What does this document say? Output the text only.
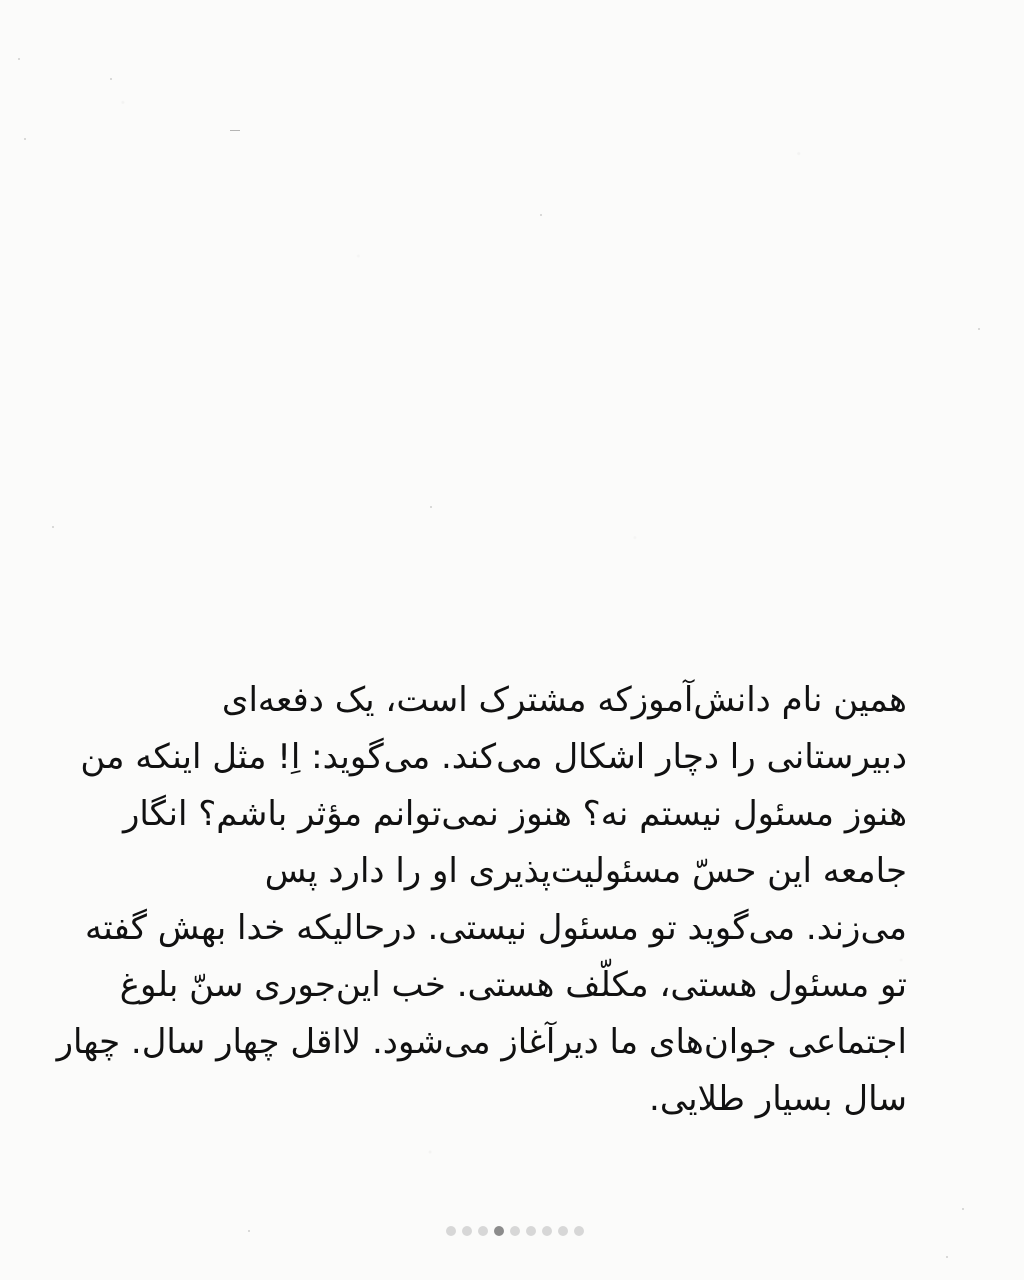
همین نام دانش‌آموزکه مشترک است، یک دفعه‌ای
دبیرستانی را دچار اشکال می‌کند. می‌گوید: اِ! مثل اینکه من
هنوز مسئول نیستم نه؟ هنوز نمی‌توانم مؤثر باشم؟ انگار
جامعه این حسّ مسئولیت‌پذیری او را دارد پس
می‌زند. می‌گوید تو مسئول نیستی. درحالیکه خدا بهش گفته
تو مسئول هستی، مکلّف هستی. خب این‌جوری سنّ بلوغ
اجتماعی جوان‌های ما دیرآغاز می‌شود. لااقل چهار سال. چهار
سال بسیار طلایی.
